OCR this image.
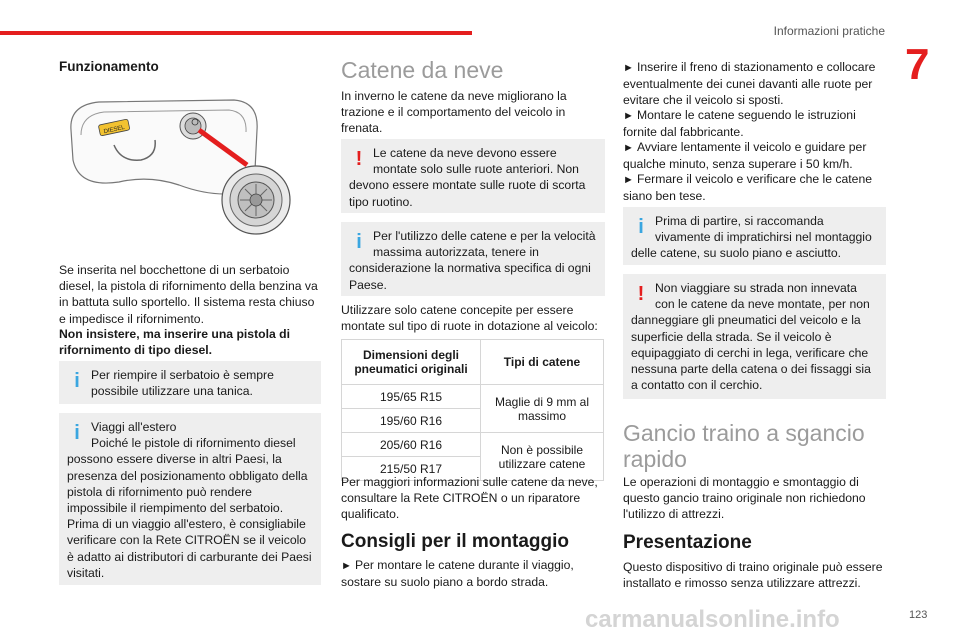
Informazioni pratiche
7
123
Funzionamento
DIESEL

Se inserita nel bocchettone di un serbatoio diesel, la pistola di rifornimento della benzina va in battuta sullo sportello. Il sistema resta chiuso e impedisce il rifornimento.

Non insistere, ma inserire una pistola di rifornimento di tipo diesel.

i Per riempire il serbatoio è sempre possibile utilizzare una tanica.
i Viaggi all'estero
Poiché le pistole di rifornimento diesel
possono essere diverse in altri Paesi, la presenza del posizionamento obbligato della pistola di rifornimento può rendere impossibile il riempimento del serbatoio.
Prima di un viaggio all'estero, è consigliabile verificare con la Rete CITROËN se il veicolo è adatto ai distributori di carburante dei Paesi visitati.
Catene da neve

In inverno le catene da neve migliorano la trazione e il comportamento del veicolo in frenata.

! Le catene da neve devono essere
montate solo sulle ruote anteriori. Non
devono essere montate sulle ruote di scorta tipo ruotino.
i Per l'utilizzo delle catene e per la velocità
massima autorizzata, tenere in
considerazione la normativa specifica di ogni Paese.

Utilizzare solo catene concepite per essere montate sul tipo di ruote in dotazione al veicolo:

Dimensioni degli pneumatici originali	Tipi di catene
195/65 R15	Maglie di 9 mm al massimo
195/60 R16	
205/60 R16	Non è possibile utilizzare catene
215/50 R17	

Per maggiori informazioni sulle catene da neve, consultare la Rete CITROËN o un riparatore qualificato.

Consigli per il montaggio

► Per montare le catene durante il viaggio, sostare su suolo piano a bordo strada.

► Inserire il freno di stazionamento e collocare eventualmente dei cunei davanti alle ruote per evitare che il veicolo si sposti.

► Montare le catene seguendo le istruzioni fornite dal fabbricante.

► Avviare lentamente il veicolo e guidare per qualche minuto, senza superare i 50 km/h.

► Fermare il veicolo e verificare che le catene siano ben tese.

i Prima di partire, si raccomanda
vivamente di impratichirsi nel montaggio
delle catene, su suolo piano e asciutto.
! Non viaggiare su strada non innevata
con le catene da neve montate, per non
danneggiare gli pneumatici del veicolo e la superficie della strada. Se il veicolo è equipaggiato di cerchi in lega, verificare che nessuna parte della catena o dei fissaggi sia a contatto con il cerchio.
Gancio traino a sgancio rapido

Le operazioni di montaggio e smontaggio di questo gancio traino originale non richiedono l'utilizzo di attrezzi.

Presentazione

Questo dispositivo di traino originale può essere installato e rimosso senza utilizzare attrezzi.

carmanualsonline.info
